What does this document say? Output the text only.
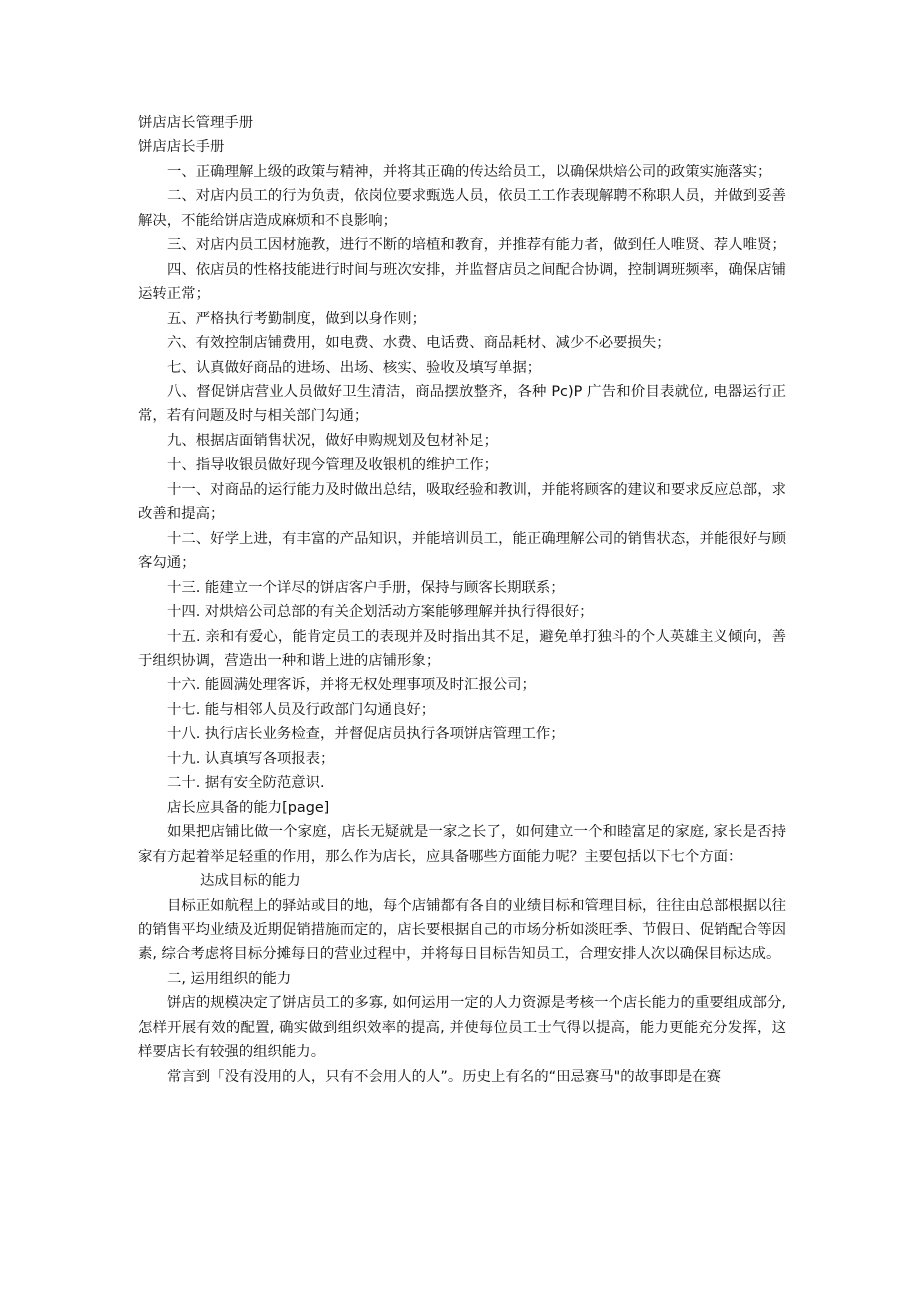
饼店店长管理手册

饼店店长手册

一、正确理解上级的政策与精神，并将其正确的传达给员工，以确保烘焙公司的政策实施落实；

二、对店内员工的行为负责，依岗位要求甄选人员，依员工工作表现解聘不称职人员，并做到妥善解决，不能给饼店造成麻烦和不良影响；

三、对店内员工因材施教，进行不断的培植和教育，并推荐有能力者，做到任人唯贤、荐人唯贤；

四、依店员的性格技能进行时间与班次安排，并监督店员之间配合协调，控制调班频率，确保店铺运转正常；

五、严格执行考勤制度，做到以身作则；

六、有效控制店铺费用，如电费、水费、电话费、商品耗材、减少不必要损失；

七、认真做好商品的进场、出场、核实、验收及填写单据；

八、督促饼店营业人员做好卫生清洁，商品摆放整齐，各种 Pc)P 广告和价目表就位, 电器运行正常，若有问题及时与相关部门勾通；

九、根据店面销售状况，做好申购规划及包材补足；

十、指导收银员做好现今管理及收银机的维护工作；

十一、对商品的运行能力及时做出总结，吸取经验和教训，并能将顾客的建议和要求反应总部，求改善和提高；

十二、好学上进，有丰富的产品知识，并能培训员工，能正确理解公司的销售状态，并能很好与顾客勾通；

十三. 能建立一个详尽的饼店客户手册，保持与顾客长期联系；

十四. 对烘焙公司总部的有关企划活动方案能够理解并执行得很好；

十五. 亲和有爱心，能肯定员工的表现并及时指出其不足，避免单打独斗的个人英雄主义倾向，善于组织协调，营造出一种和谐上进的店铺形象；

十六. 能圆满处理客诉，并将无权处理事项及时汇报公司；

十七. 能与相邻人员及行政部门勾通良好；

十八. 执行店长业务检查，并督促店员执行各项饼店管理工作；

十九. 认真填写各项报表；

二十. 据有安全防范意识.

店长应具备的能力[page]

如果把店铺比做一个家庭，店长无疑就是一家之长了，如何建立一个和睦富足的家庭, 家长是否持家有方起着举足轻重的作用，那么作为店长，应具备哪些方面能力呢？主要包括以下七个方面：

达成目标的能力

目标正如航程上的驿站或目的地，每个店铺都有各自的业绩目标和管理目标，往往由总部根据以往的销售平均业绩及近期促销措施而定的，店长要根据自己的市场分析如淡旺季、节假日、促销配合等因素, 综合考虑将目标分摊每日的营业过程中，并将每日目标告知员工，合理安排人次以确保目标达成。

二, 运用组织的能力

饼店的规模决定了饼店员工的多寡, 如何运用一定的人力资源是考核一个店长能力的重要组成部分, 怎样开展有效的配置, 确实做到组织效率的提高, 并使每位员工士气得以提高，能力更能充分发挥，这样要店长有较强的组织能力。

常言到「没有没用的人，只有不会用人的人”。历史上有名的“田忌赛马"的故事即是在赛
